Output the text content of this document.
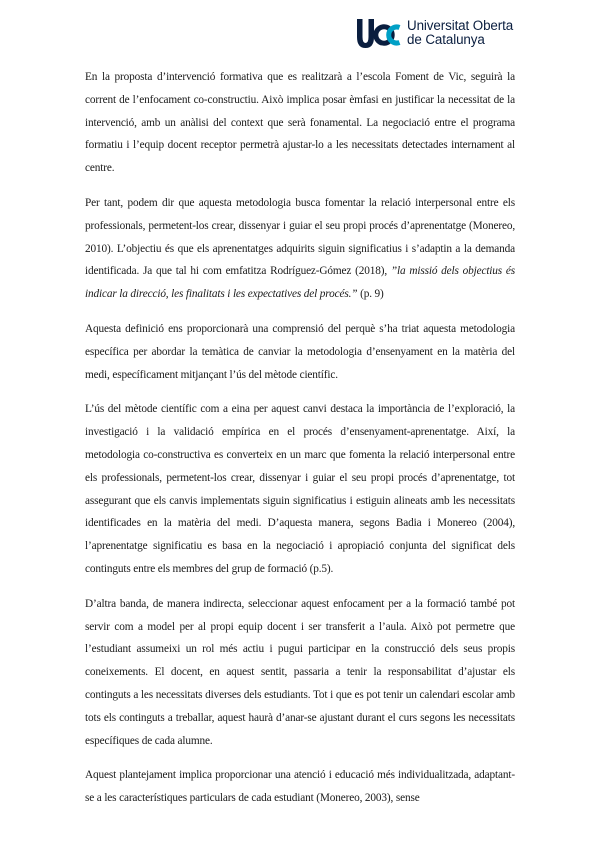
Universitat Oberta
de Catalunya

En la proposta d’intervenció formativa que es realitzarà a l’escola Foment de Vic, seguirà la corrent de l’enfocament co-constructiu. Això implica posar èmfasi en justificar la necessitat de la intervenció, amb un anàlisi del context que serà fonamental. La negociació entre el programa formatiu i l’equip docent receptor permetrà ajustar-lo a les necessitats detectades internament al centre.

Per tant, podem dir que aquesta metodologia busca fomentar la relació interpersonal entre els professionals, permetent-los crear, dissenyar i guiar el seu propi procés d’aprenentatge (Monereo, 2010). L’objectiu és que els aprenentatges adquirits siguin significatius i s’adaptin a la demanda identificada. Ja que tal hi com emfatitza Rodríguez-Gómez (2018), ”la missió dels objectius és indicar la direcció, les finalitats i les expectatives del procés.” (p. 9)

Aquesta definició ens proporcionarà una comprensió del perquè s’ha triat aquesta metodologia específica per abordar la temàtica de canviar la metodologia d’ensenyament en la matèria del medi, específicament mitjançant l’ús del mètode científic.

L’ús del mètode científic com a eina per aquest canvi destaca la importància de l’exploració, la investigació i la validació empírica en el procés d’ensenyament-aprenentatge. Així, la metodologia co-constructiva es converteix en un marc que fomenta la relació interpersonal entre els professionals, permetent-los crear, dissenyar i guiar el seu propi procés d’aprenentatge, tot assegurant que els canvis implementats siguin significatius i estiguin alineats amb les necessitats identificades en la matèria del medi. D’aquesta manera, segons Badia i Monereo (2004), l’aprenentatge significatiu es basa en la negociació i apropiació conjunta del significat dels continguts entre els membres del grup de formació (p.5).

D’altra banda, de manera indirecta, seleccionar aquest enfocament per a la formació també pot servir com a model per al propi equip docent i ser transferit a l’aula. Això pot permetre que l’estudiant assumeixi un rol més actiu i pugui participar en la construcció dels seus propis coneixements. El docent, en aquest sentit, passaria a tenir la responsabilitat d’ajustar els continguts a les necessitats diverses dels estudiants. Tot i que es pot tenir un calendari escolar amb tots els continguts a treballar, aquest haurà d’anar-se ajustant durant el curs segons les necessitats específiques de cada alumne.

Aquest plantejament implica proporcionar una atenció i educació més individualitzada, adaptant-se a les característiques particulars de cada estudiant (Monereo, 2003), sense
